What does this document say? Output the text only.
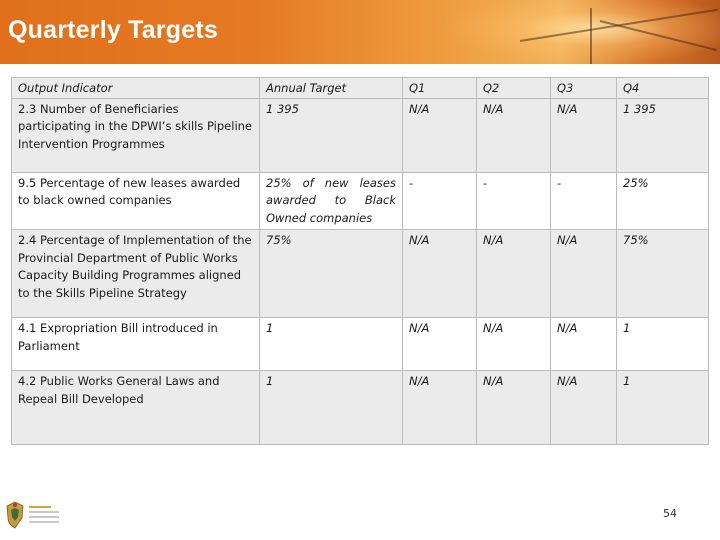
Quarterly Targets
Output Indicator	Annual Target	Q1	Q2	Q3	Q4
2.3 Number of Beneficiaries participating in the DPWI’s skills Pipeline Intervention Programmes	1 395	N/A	N/A	N/A	1 395
9.5 Percentage of new leases awarded to black owned companies	25% of new leases awarded to Black Owned companies	-	-	-	25%
2.4 Percentage of Implementation of the Provincial Department of Public Works Capacity Building Programmes aligned to the Skills Pipeline Strategy	75%	N/A	N/A	N/A	75%
4.1 Expropriation Bill introduced in Parliament	1	N/A	N/A	N/A	1
4.2 Public Works General Laws and Repeal Bill Developed	1	N/A	N/A	N/A	1
54
